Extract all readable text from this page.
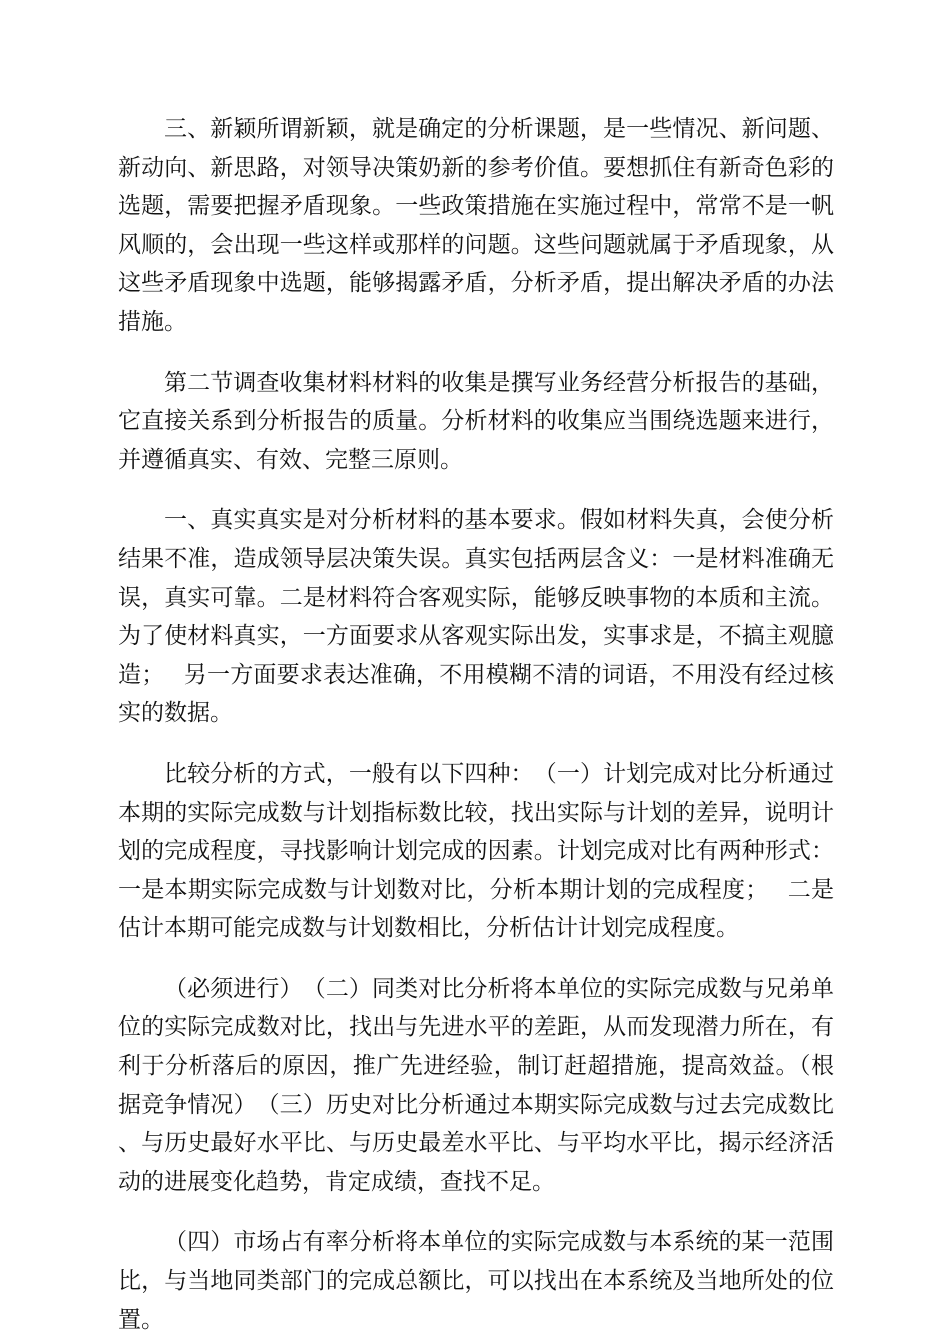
三、新颖所谓新颖，就是确定的分析课题，是一些情况、新问题、新动向、新思路，对领导决策奶新的参考价值。要想抓住有新奇色彩的选题，需要把握矛盾现象。一些政策措施在实施过程中，常常不是一帆风顺的，会出现一些这样或那样的问题。这些问题就属于矛盾现象，从这些矛盾现象中选题，能够揭露矛盾，分析矛盾，提出解决矛盾的办法措施。

第二节调查收集材料材料的收集是撰写业务经营分析报告的基础，它直接关系到分析报告的质量。分析材料的收集应当围绕选题来进行，并遵循真实、有效、完整三原则。

一、真实真实是对分析材料的基本要求。假如材料失真，会使分析结果不准，造成领导层决策失误。真实包括两层含义：一是材料准确无误，真实可靠。二是材料符合客观实际，能够反映事物的本质和主流。为了使材料真实，一方面要求从客观实际出发，实事求是，不搞主观臆造；　 另一方面要求表达准确，不用模糊不清的词语，不用没有经过核实的数据。

比较分析的方式，一般有以下四种：　（一）计划完成对比分析通过本期的实际完成数与计划指标数比较，找出实际与计划的差异，说明计划的完成程度，寻找影响计划完成的因素。计划完成对比有两种形式：一是本期实际完成数与计划数对比，分析本期计划的完成程度；　 二是估计本期可能完成数与计划数相比，分析估计计划完成程度。

（必须进行）　（二）同类对比分析将本单位的实际完成数与兄弟单位的实际完成数对比，找出与先进水平的差距，从而发现潜力所在，有利于分析落后的原因，推广先进经验，制订赶超措施，提高效益。（根据竞争情况）　（三）历史对比分析通过本期实际完成数与过去完成数比、与历史最好水平比、与历史最差水平比、与平均水平比，揭示经济活动的进展变化趋势，肯定成绩，查找不足。

（四）市场占有率分析将本单位的实际完成数与本系统的某一范围比，与当地同类部门的完成总额比，可以找出在本系统及当地所处的位置。
